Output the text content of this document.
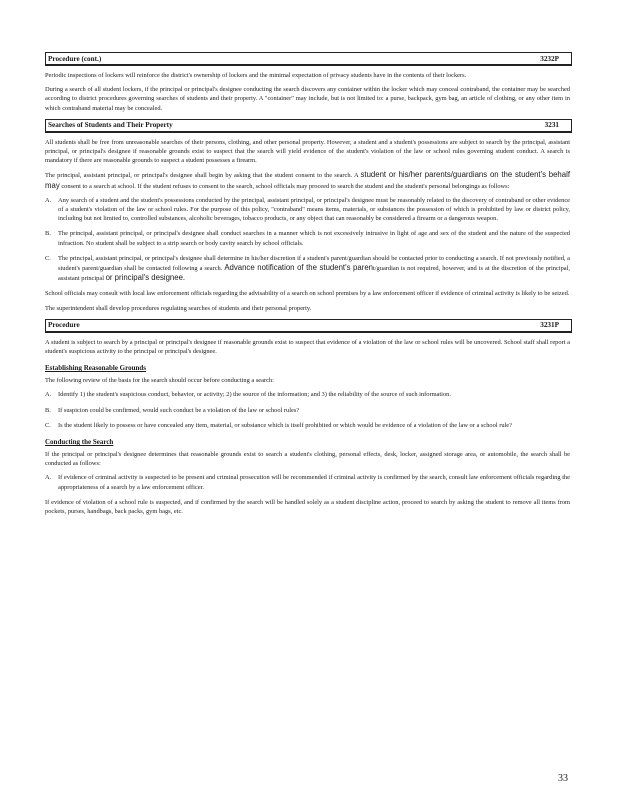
Procedure (cont.)	3232P

Periodic inspections of lockers will reinforce the district's ownership of lockers and the minimal expectation of privacy students have in the contents of their lockers.

During a search of all student lockers, if the principal or principal's designee conducting the search discovers any container within the locker which may conceal contraband, the container may be searched according to district procedures governing searches of students and their property. A "container" may include, but is not limited to: a purse, backpack, gym bag, an article of clothing, or any other item in which contraband material may be concealed.

Searches of Students and Their Property	3231

All students shall be free from unreasonable searches of their persons, clothing, and other personal property. However, a student and a student's possessions are subject to search by the principal, assistant principal, or principal's designee if reasonable grounds exist to suspect that the search will yield evidence of the student's violation of the law or school rules governing student conduct. A search is mandatory if there are reasonable grounds to suspect a student possesses a firearm.

The principal, assistant principal, or principal's designee shall begin by asking that the student consent to the search. A student or his/her parents/guardians on the student's behalf may consent to a search at school. If the student refuses to consent to the search, school officials may proceed to search the student and the student's personal belongings as follows:

A.	Any search of a student and the student's possessions conducted by the principal, assistant principal, or principal's designee must be reasonably related to the discovery of contraband or other evidence of a student's violation of the law or school rules. For the purpose of this policy, "contraband" means items, materials, or substances the possession of which is prohibited by law or district policy, including but not limited to, controlled substances, alcoholic beverages, tobacco products, or any object that can reasonably be considered a firearm or a dangerous weapon.
B.	The principal, assistant principal, or principal's designee shall conduct searches in a manner which is not excessively intrusive in light of age and sex of the student and the nature of the suspected infraction. No student shall be subject to a strip search or body cavity search by school officials.
C.	The principal, assistant principal, or principal's designee shall determine in his/her discretion if a student's parent/guardian should be contacted prior to conducting a search. If not previously notified, a student's parent/guardian shall be contacted following a search. Advance notification of the student's parent/guardian is not required, however, and is at the discretion of the principal, assistant principal or principal's designee.

School officials may consult with local law enforcement officials regarding the advisability of a search on school premises by a law enforcement officer if evidence of criminal activity is likely to be seized.

The superintendent shall develop procedures regulating searches of students and their personal property.

Procedure	3231P

A student is subject to search by a principal or principal's designee if reasonable grounds exist to suspect that evidence of a violation of the law or school rules will be uncovered. School staff shall report a student's suspicious activity to the principal or principal's designee.

Establishing Reasonable Grounds

The following review of the basis for the search should occur before conducting a search:

A.	Identify 1) the student's suspicious conduct, behavior, or activity; 2) the source of the information; and 3) the reliability of the source of such information.
B.	If suspicion could be confirmed, would such conduct be a violation of the law or school rules?
C.	Is the student likely to possess or have concealed any item, material, or substance which is itself prohibited or which would be evidence of a violation of the law or a school rule?
Conducting the Search

If the principal or principal's designee determines that reasonable grounds exist to search a student's clothing, personal effects, desk, locker, assigned storage area, or automobile, the search shall be conducted as follows:

A.	If evidence of criminal activity is suspected to be present and criminal prosecution will be recommended if criminal activity is confirmed by the search, consult law enforcement officials regarding the appropriateness of a search by a law enforcement officer.

If evidence of violation of a school rule is suspected, and if confirmed by the search will be handled solely as a student discipline action, proceed to search by asking the student to remove all items from pockets, purses, handbags, back packs, gym bags, etc.

33
